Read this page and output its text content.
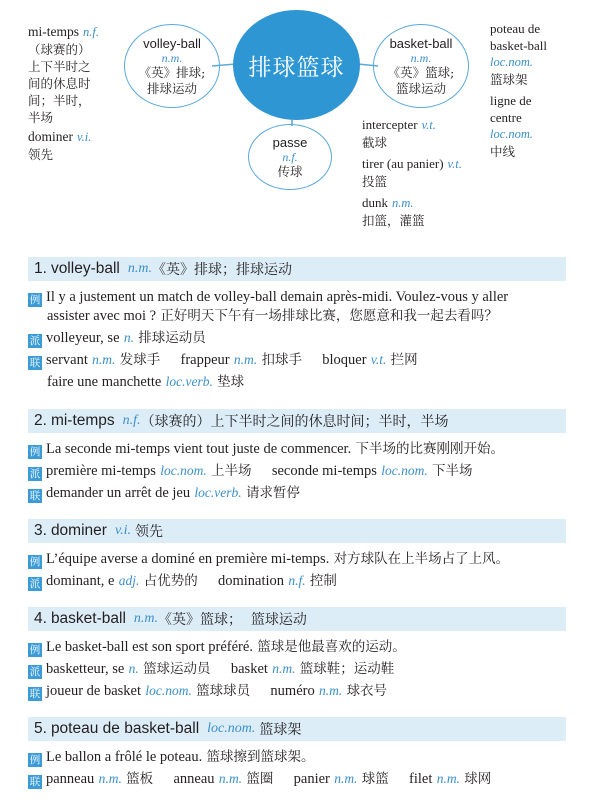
mi-temps n.f.
（球赛的）
上下半时之
间的休息时
间；半时，
半场
dominer v.i.
领先
volley-ball
n.m.
《英》排球;
排球运动
排球篮球
basket-ball
n.m.
《英》篮球;
篮球运动
passe
n.f.
传球
intercepter v.t.
截球
tirer (au panier) v.t.
投篮
dunk n.m.
扣篮，灌篮
poteau de
basket-ball
loc.nom.
篮球架
ligne de
centre
loc.nom.
中线
1. volley-ball n.m. 《英》排球；排球运动
例 Il y a justement un match de volley-ball demain après-midi. Voulez-vous y aller
assister avec moi ? 正好明天下午有一场排球比赛，您愿意和我一起去看吗？
派 volleyeur, se n. 排球运动员
联 servant n.m. 发球手 frappeur n.m. 扣球手 bloquer v.t. 拦网
faire une manchette loc.verb. 垫球
2. mi-temps n.f. （球赛的）上下半时之间的休息时间；半时，半场
例 La seconde mi-temps vient tout juste de commencer. 下半场的比赛刚刚开始。
派 première mi-temps loc.nom. 上半场 seconde mi-temps loc.nom. 下半场
联 demander un arrêt de jeu loc.verb. 请求暂停
3. dominer v.i. 领先
例 L’équipe averse a dominé en première mi-temps. 对方球队在上半场占了上风。
派 dominant, e adj. 占优势的 domination n.f. 控制
4. basket-ball n.m. 《英》篮球；  篮球运动
例 Le basket-ball est son sport préféré. 篮球是他最喜欢的运动。
派 basketteur, se n. 篮球运动员 basket n.m. 篮球鞋；运动鞋
联 joueur de basket loc.nom. 篮球球员 numéro n.m. 球衣号
5. poteau de basket-ball loc.nom. 篮球架
例 Le ballon a frôlé le poteau. 篮球擦到篮球架。
联 panneau n.m. 篮板 anneau n.m. 篮圈 panier n.m. 球篮 filet n.m. 球网
